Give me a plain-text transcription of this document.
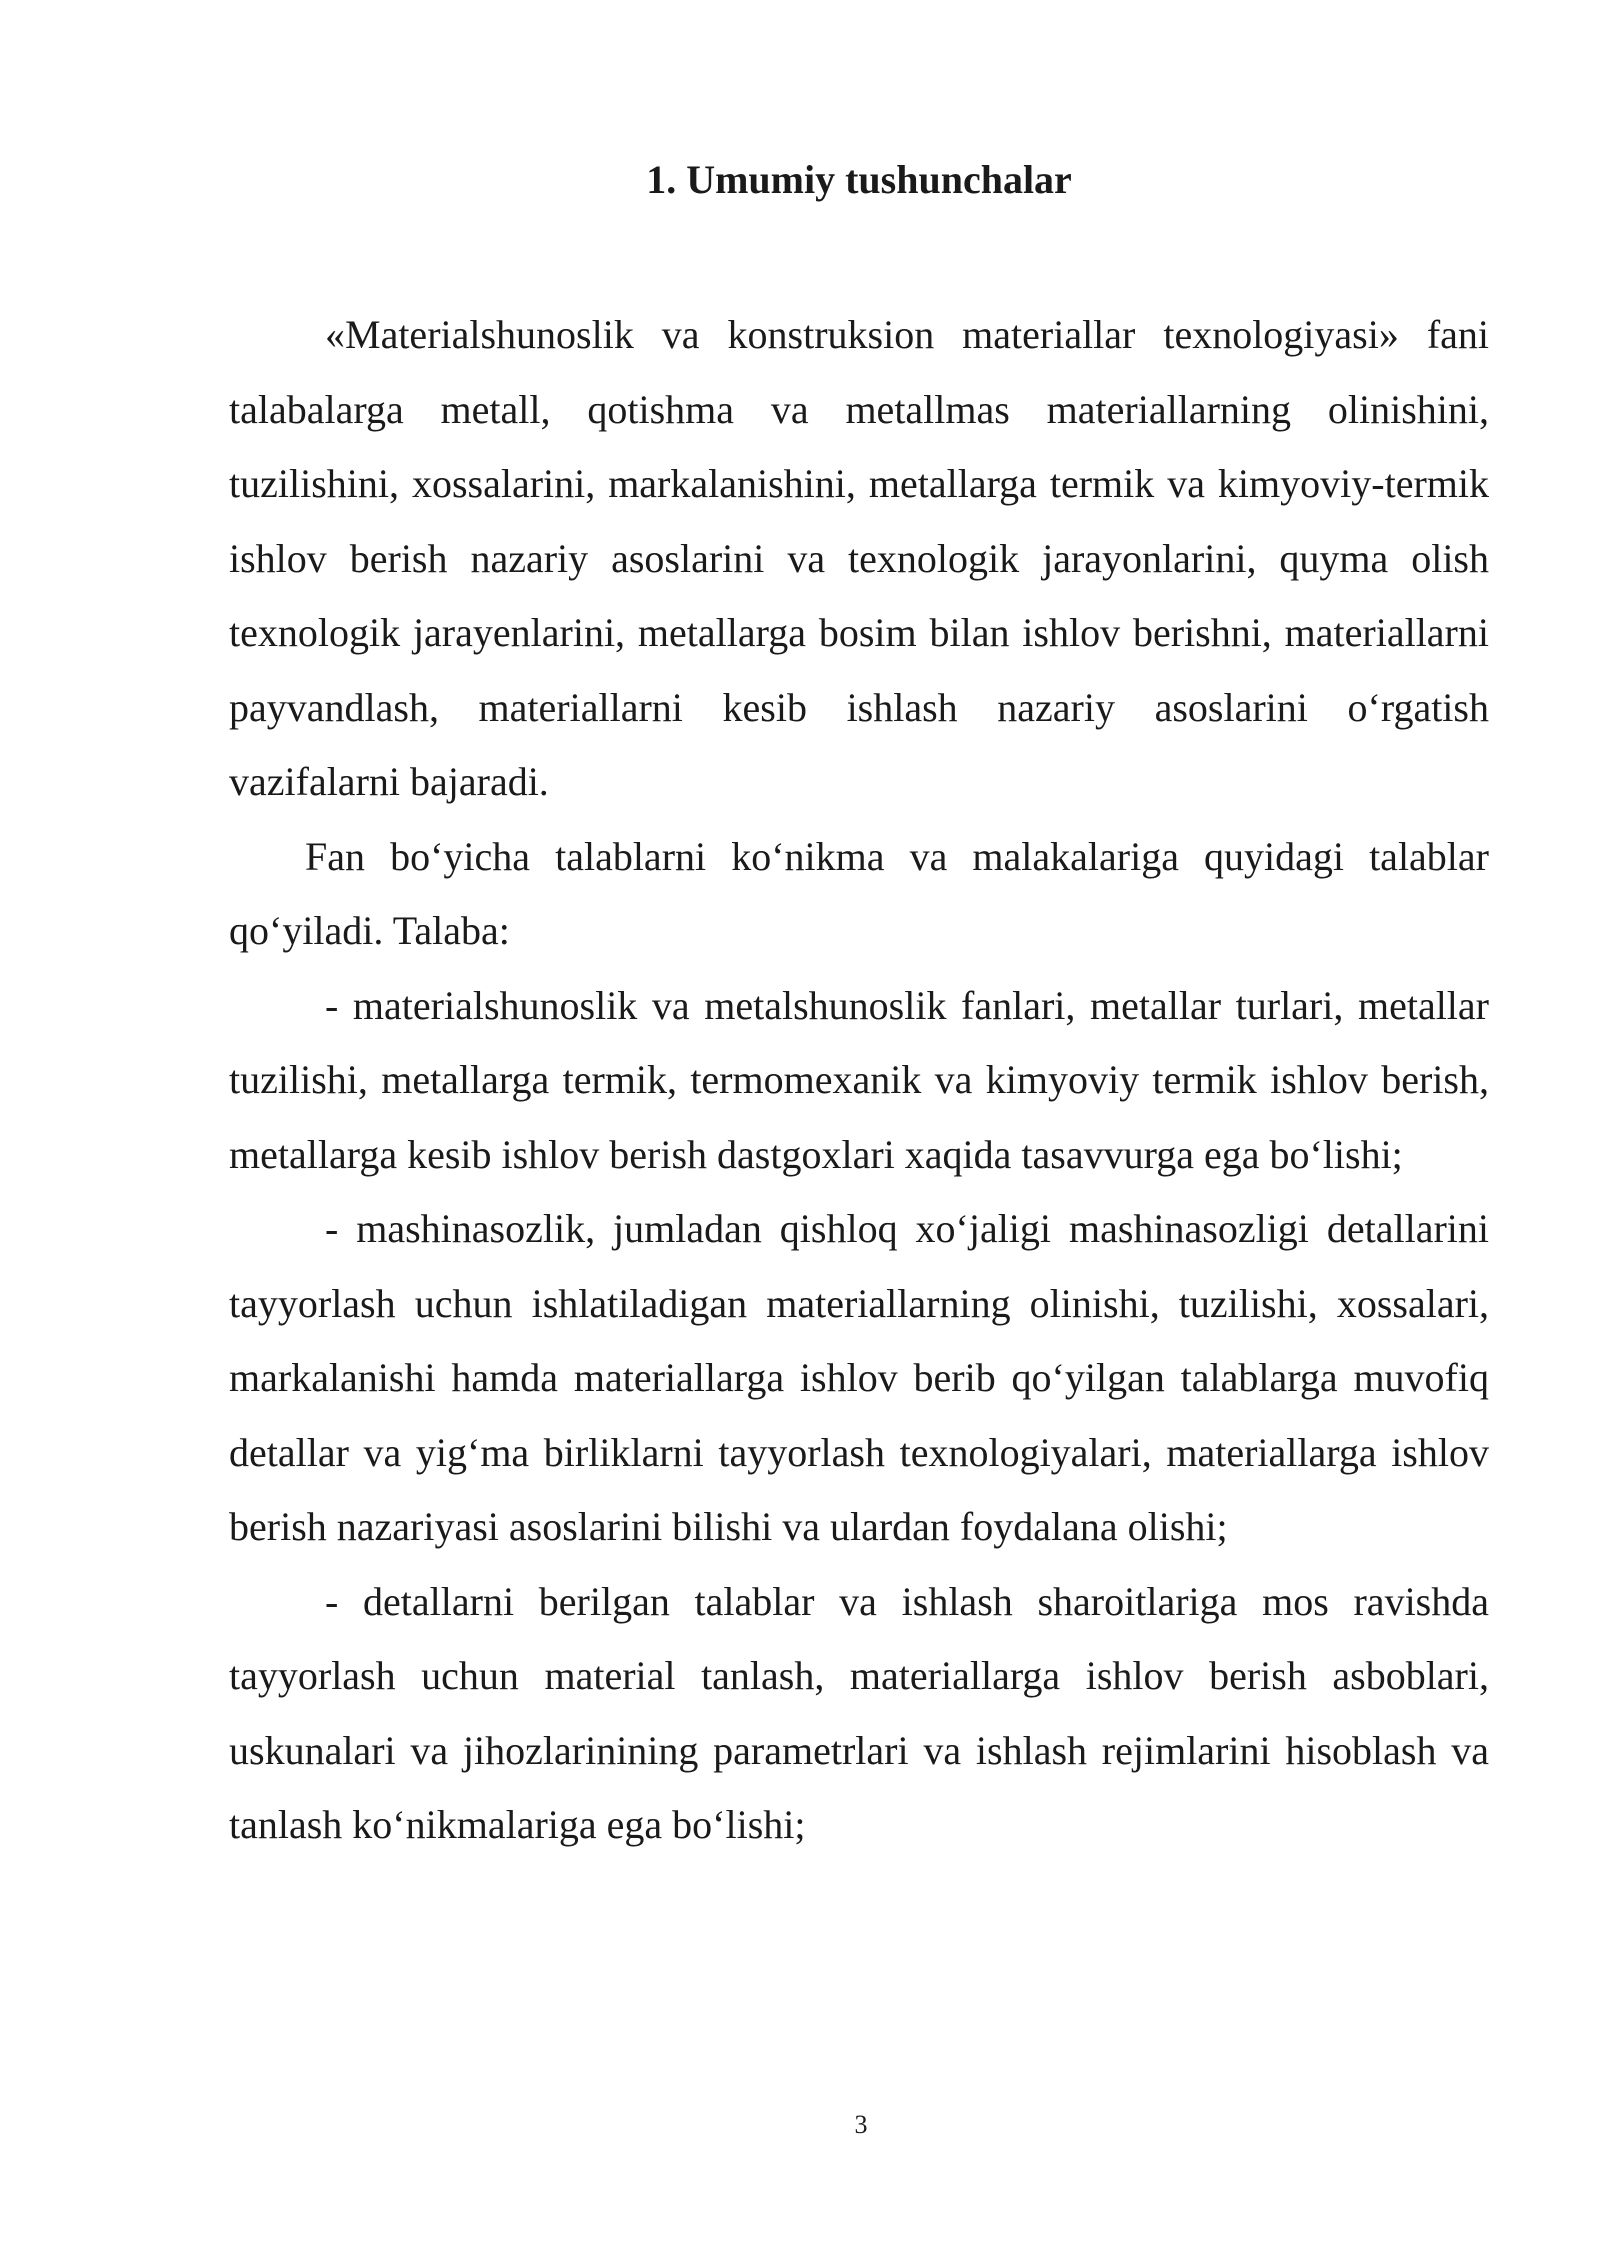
1. Umumiy tushunchalar

«Materialshunoslik va konstruksion materiallar texnologiyasi» fani talabalarga metall, qotishma va metallmas materiallarning olinishini, tuzilishini, xossalarini, markalanishini, metallarga termik va kimyoviy-termik ishlov berish nazariy asoslarini va texnologik jarayonlarini, quyma olish texnologik jarayenlarini, metallarga bosim bilan ishlov berishni, materiallarni payvandlash, materiallarni kesib ishlash nazariy asoslarini o‘rgatish vazifalarni bajaradi.

Fan bo‘yicha talablarni ko‘nikma va malakalariga quyidagi talablar qo‘yiladi. Talaba:

- materialshunoslik va metalshunoslik fanlari, metallar turlari, metallar tuzilishi, metallarga termik, termomexanik va kimyoviy termik ishlov berish, metallarga kesib ishlov berish dastgoxlari xaqida tasavvurga ega bo‘lishi;

- mashinasozlik, jumladan qishloq xo‘jaligi mashinasozligi detallarini tayyorlash uchun ishlatiladigan materiallarning olinishi, tuzilishi, xossalari, markalanishi hamda materiallarga ishlov berib qo‘yilgan talablarga muvofiq detallar va yig‘ma birliklarni tayyorlash texnologiyalari, materiallarga ishlov berish nazariyasi asoslarini bilishi va ulardan foydalana olishi;

- detallarni berilgan talablar va ishlash sharoitlariga mos ravishda tayyorlash uchun material tanlash, materiallarga ishlov berish asboblari, uskunalari va jihozlarinining parametrlari va ishlash rejimlarini hisoblash va tanlash ko‘nikmalariga ega bo‘lishi;

3
